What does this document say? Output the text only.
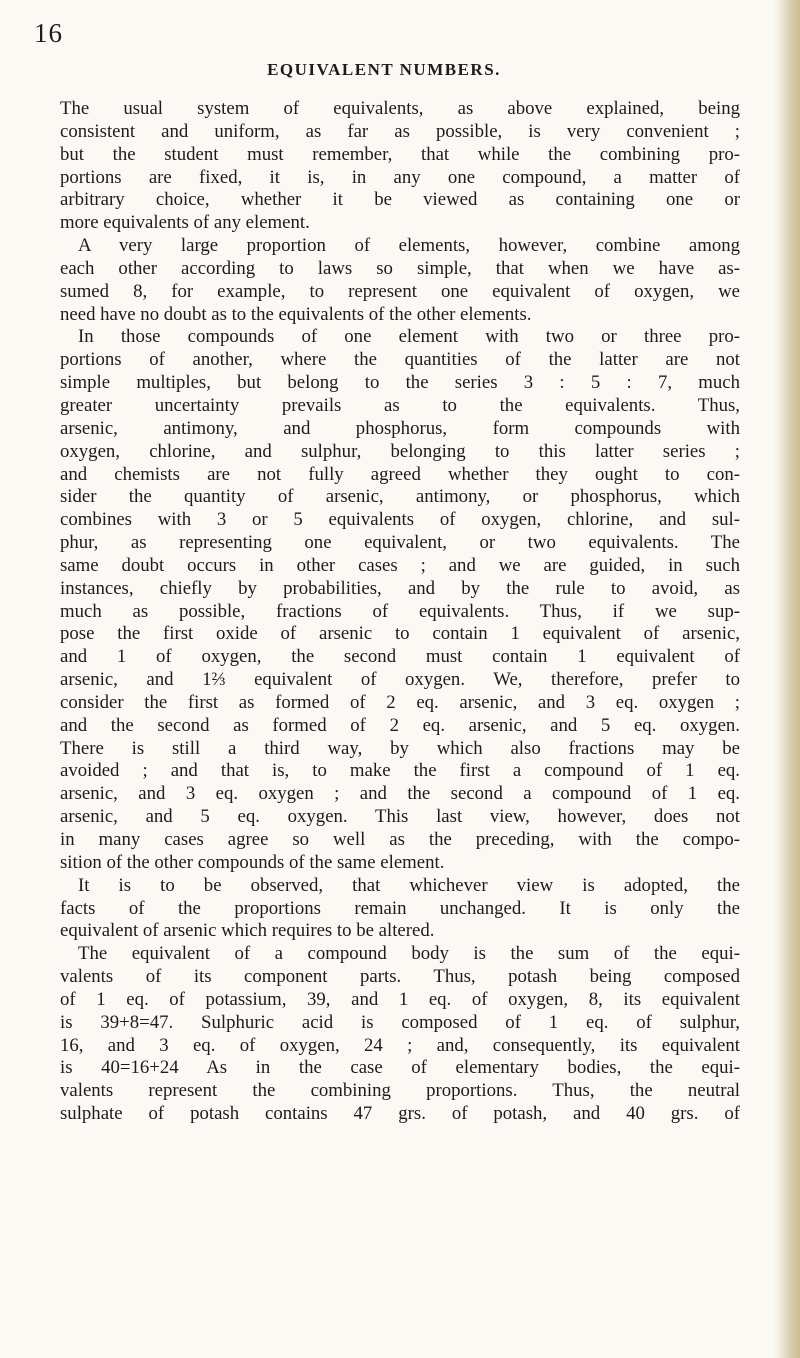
16
EQUIVALENT NUMBERS.
The usual system of equivalents, as above explained, being
consistent and uniform, as far as possible, is very convenient ;
but the student must remember, that while the combining pro-
portions are fixed, it is, in any one compound, a matter of
arbitrary choice, whether it be viewed as containing one or
more equivalents of any element.
A very large proportion of elements, however, combine among
each other according to laws so simple, that when we have as-
sumed 8, for example, to represent one equivalent of oxygen, we
need have no doubt as to the equivalents of the other elements.
In those compounds of one element with two or three pro-
portions of another, where the quantities of the latter are not
simple multiples, but belong to the series 3 : 5 : 7, much
greater uncertainty prevails as to the equivalents. Thus,
arsenic, antimony, and phosphorus, form compounds with
oxygen, chlorine, and sulphur, belonging to this latter series ;
and chemists are not fully agreed whether they ought to con-
sider the quantity of arsenic, antimony, or phosphorus, which
combines with 3 or 5 equivalents of oxygen, chlorine, and sul-
phur, as representing one equivalent, or two equivalents. The
same doubt occurs in other cases ; and we are guided, in such
instances, chiefly by probabilities, and by the rule to avoid, as
much as possible, fractions of equivalents. Thus, if we sup-
pose the first oxide of arsenic to contain 1 equivalent of arsenic,
and 1 of oxygen, the second must contain 1 equivalent of
arsenic, and 1⅔ equivalent of oxygen. We, therefore, prefer to
consider the first as formed of 2 eq. arsenic, and 3 eq. oxygen ;
and the second as formed of 2 eq. arsenic, and 5 eq. oxygen.
There is still a third way, by which also fractions may be
avoided ; and that is, to make the first a compound of 1 eq.
arsenic, and 3 eq. oxygen ; and the second a compound of 1 eq.
arsenic, and 5 eq. oxygen. This last view, however, does not
in many cases agree so well as the preceding, with the compo-
sition of the other compounds of the same element.
It is to be observed, that whichever view is adopted, the
facts of the proportions remain unchanged. It is only the
equivalent of arsenic which requires to be altered.
The equivalent of a compound body is the sum of the equi-
valents of its component parts. Thus, potash being composed
of 1 eq. of potassium, 39, and 1 eq. of oxygen, 8, its equivalent
is 39+8=47. Sulphuric acid is composed of 1 eq. of sulphur,
16, and 3 eq. of oxygen, 24 ; and, consequently, its equivalent
is 40=16+24 As in the case of elementary bodies, the equi-
valents represent the combining proportions. Thus, the neutral
sulphate of potash contains 47 grs. of potash, and 40 grs. of
